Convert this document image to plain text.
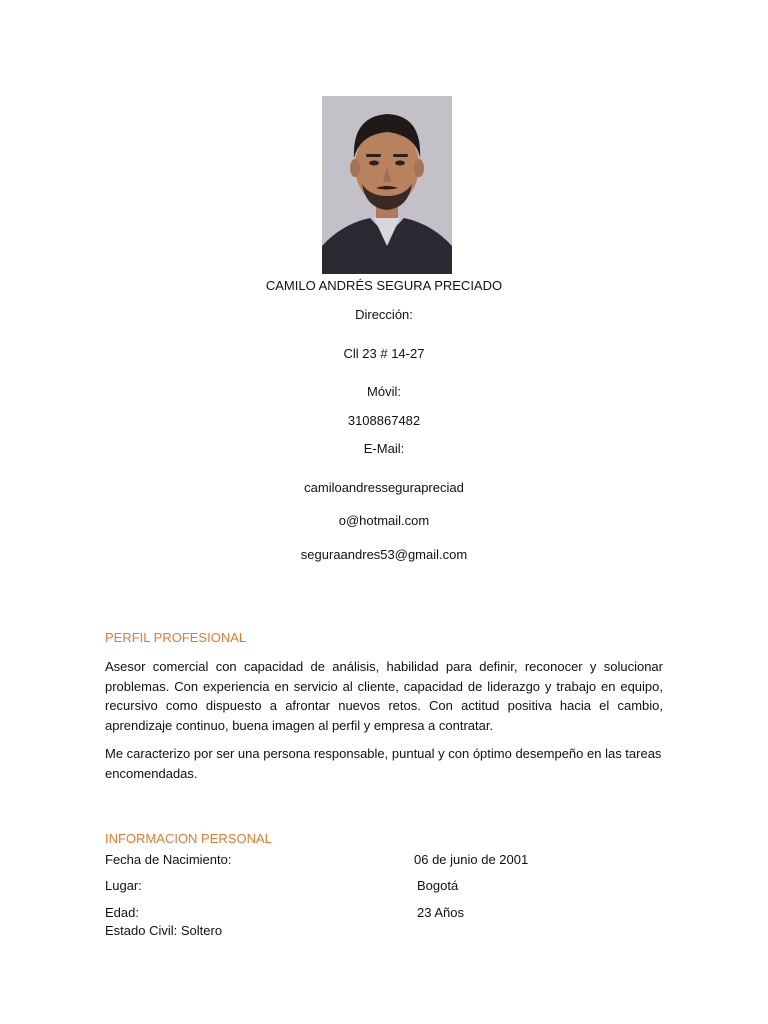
CAMILO ANDRÉS SEGURA PRECIADO
Dirección:
Cll 23 # 14-27
Móvil:
3108867482
E-Mail:
camiloandressegurapreciad
o@hotmail.com
seguraandres53@gmail.com
PERFIL PROFESIONAL
Asesor comercial con capacidad de análisis, habilidad para definir, reconocer y solucionar problemas. Con experiencia en servicio al cliente, capacidad de liderazgo y trabajo en equipo, recursivo como dispuesto a afrontar nuevos retos. Con actitud positiva hacia el cambio, aprendizaje continuo, buena imagen al perfil y empresa a contratar.
Me caracterizo por ser una persona responsable, puntual y con óptimo desempeño en las tareas encomendadas.
INFORMACION PERSONAL
Fecha de Nacimiento:	06 de junio de 2001
Lugar:	Bogotá
Edad:	23 Años
Estado Civil: Soltero
